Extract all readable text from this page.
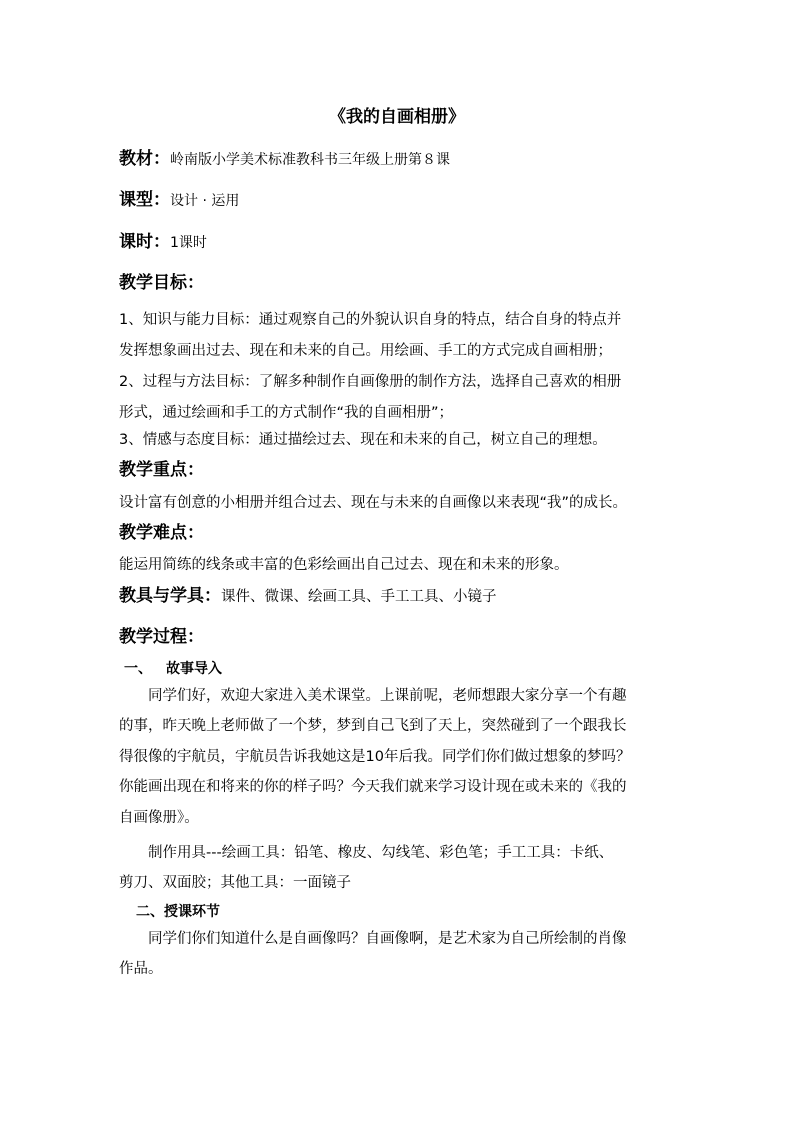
《我的自画相册》
教材：岭南版小学美术标准教科书三年级上册第８课
课型：设计 · 运用
课时：1课时
教学目标：
1、知识与能力目标：通过观察自己的外貌认识自身的特点，结合自身的特点并
发挥想象画出过去、现在和未来的自己。用绘画、手工的方式完成自画相册；
2、过程与方法目标：了解多种制作自画像册的制作方法，选择自己喜欢的相册
形式，通过绘画和手工的方式制作“我的自画相册”；
3、情感与态度目标：通过描绘过去、现在和未来的自己，树立自己的理想。
教学重点：
设计富有创意的小相册并组合过去、现在与未来的自画像以来表现“我”的成长。
教学难点：
能运用简练的线条或丰富的色彩绘画出自己过去、现在和未来的形象。
教具与学具：课件、微课、绘画工具、手工工具、小镜子
教学过程：
一、 故事导入
同学们好，欢迎大家进入美术课堂。上课前呢，老师想跟大家分享一个有趣
的事，昨天晚上老师做了一个梦，梦到自己飞到了天上，突然碰到了一个跟我长
得很像的宇航员，宇航员告诉我她这是10年后我。同学们你们做过想象的梦吗？
你能画出现在和将来的你的样子吗？今天我们就来学习设计现在或未来的《我的
自画像册》。
制作用具---绘画工具：铅笔、橡皮、勾线笔、彩色笔；手工工具：卡纸、
剪刀、双面胶；其他工具：一面镜子
二、授课环节
同学们你们知道什么是自画像吗？自画像啊，是艺术家为自己所绘制的肖像
作品。
